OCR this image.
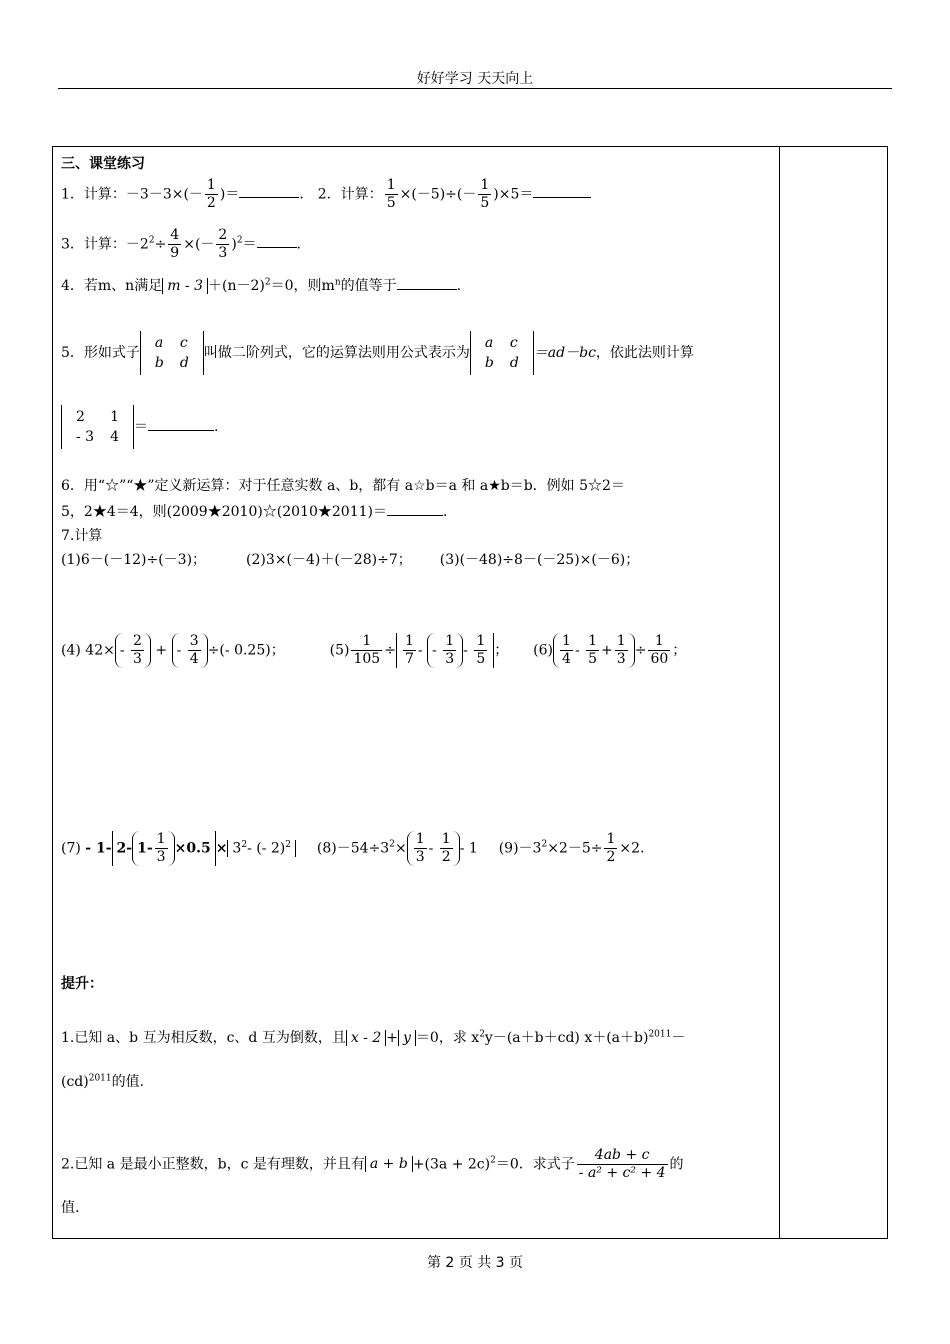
好好学习 天天向上
三、课堂练习
1．计算：$-3-3\times(- \frac{1}{2}$ )＝	． 2．计算： $\frac{1}{5} \times(-5)\div(- \frac{1}{5} )\times 5=$
3．计算：$-2^2\div \frac{4}{9}$ ×(－ $\frac{2}{3} )^2=$	.
4．若m、n满足 $m - 3 +(n-2)^2=0$，则$m^n$的值等于	.
5．形如式子
a	c
b	d
叫做二阶列式，它的运算法则用公式表示为
a	c
b	d
＝ad－bc，依此法则计算
2	1
- 3	4
＝	.
6．用“☆”“★”定义新运算：对于任意实数 a、b，都有 a☆b＝a 和 a★b＝b．例如 5☆2＝
5，2★4＝4，则(2009★2010)☆(2010★2011)＝	.
7.计算
(1)6－(－12)÷(－3)；	(2)3×(－4)＋(－28)÷7； (3)(－48)÷8－(－25)×(－6)；
(4) $42\times - \frac{2}{3}$ + - $\frac{3}{4}$ ÷(- 0.25)；	$(5) \frac{1}{105} \div \frac{1}{7}$ - - $\frac{1}{3} - \frac{1}{5}$ ； $(6) \frac{1}{4} - \frac{1}{5} + \frac{1}{3} \div \frac{1}{60}$ ；
(7) - 1- 2- $1- \frac{1}{3} \times 0.5 \times 3^2-$ (- 2)$^2$ $(8)-54\div 3^2\times \frac{1}{3} - \frac{1}{2} - 1$ $(9)-3^2\times 2-5\div \frac{1}{2} \times 2$.
提升：
1.已知 a、b 互为相反数，c、d 互为倒数，且 x - 2 + y ＝0，求 $x^2y-(a+b+cd)$ $x+(a+b)^{2011}-$
(cd)$^{2011}$的值.
2.已知 a 是最小正整数，b，c 是有理数，并且有 $a + b +(3a + 2c)^2=0$．求式子 $\frac{4ab + c}{\text{- a² + c² + 4}}$ 的
值.
第 2 页 共 3 页
